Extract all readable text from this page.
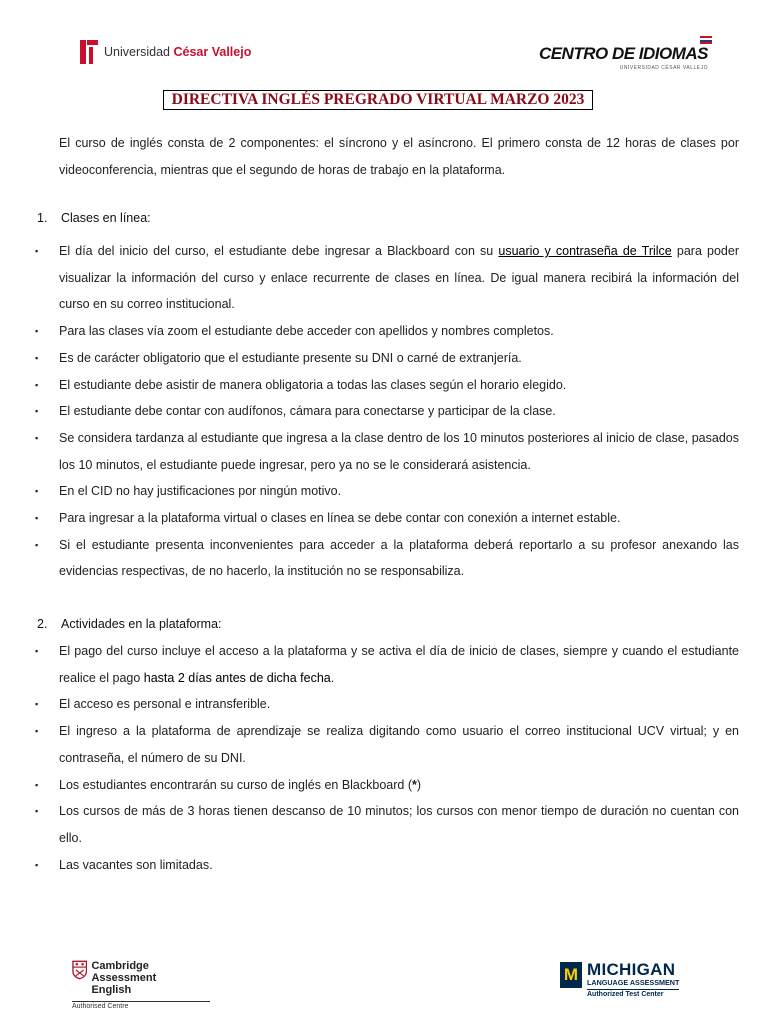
Universidad César Vallejo	CENTRO DE IDIOMAS
UNIVERSIDAD CÉSAR VALLEJO
DIRECTIVA INGLÉS PREGRADO VIRTUAL MARZO 2023
El curso de inglés consta de 2 componentes: el síncrono y el asíncrono. El primero consta de 12 horas de clases por videoconferencia, mientras que el segundo de horas de trabajo en la plataforma.
1. Clases en línea:
▪ El día del inicio del curso, el estudiante debe ingresar a Blackboard con su usuario y contraseña de Trilce para poder visualizar la información del curso y enlace recurrente de clases en línea. De igual manera recibirá la información del curso en su correo institucional.
▪ Para las clases vía zoom el estudiante debe acceder con apellidos y nombres completos.
▪ Es de carácter obligatorio que el estudiante presente su DNI o carné de extranjería.
▪ El estudiante debe asistir de manera obligatoria a todas las clases según el horario elegido.
▪ El estudiante debe contar con audífonos, cámara para conectarse y participar de la clase.
▪ Se considera tardanza al estudiante que ingresa a la clase dentro de los 10 minutos posteriores al inicio de clase, pasados los 10 minutos, el estudiante puede ingresar, pero ya no se le considerará asistencia.
▪ En el CID no hay justificaciones por ningún motivo.
▪ Para ingresar a la plataforma virtual o clases en línea se debe contar con conexión a internet estable.
▪ Si el estudiante presenta inconvenientes para acceder a la plataforma deberá reportarlo a su profesor anexando las evidencias respectivas, de no hacerlo, la institución no se responsabiliza.
2. Actividades en la plataforma:
▪ El pago del curso incluye el acceso a la plataforma y se activa el día de inicio de clases, siempre y cuando el estudiante realice el pago hasta 2 días antes de dicha fecha.
▪ El acceso es personal e intransferible.
▪ El ingreso a la plataforma de aprendizaje se realiza digitando como usuario el correo institucional UCV virtual; y en contraseña, el número de su DNI.
▪ Los estudiantes encontrarán su curso de inglés en Blackboard (*)
▪ Los cursos de más de 3 horas tienen descanso de 10 minutos; los cursos con menor tiempo de duración no cuentan con ello.
▪ Las vacantes son limitadas.
Cambridge Assessment
English
Authorised Centre
M MICHIGAN
LANGUAGE ASSESSMENT
Authorized Test Center
